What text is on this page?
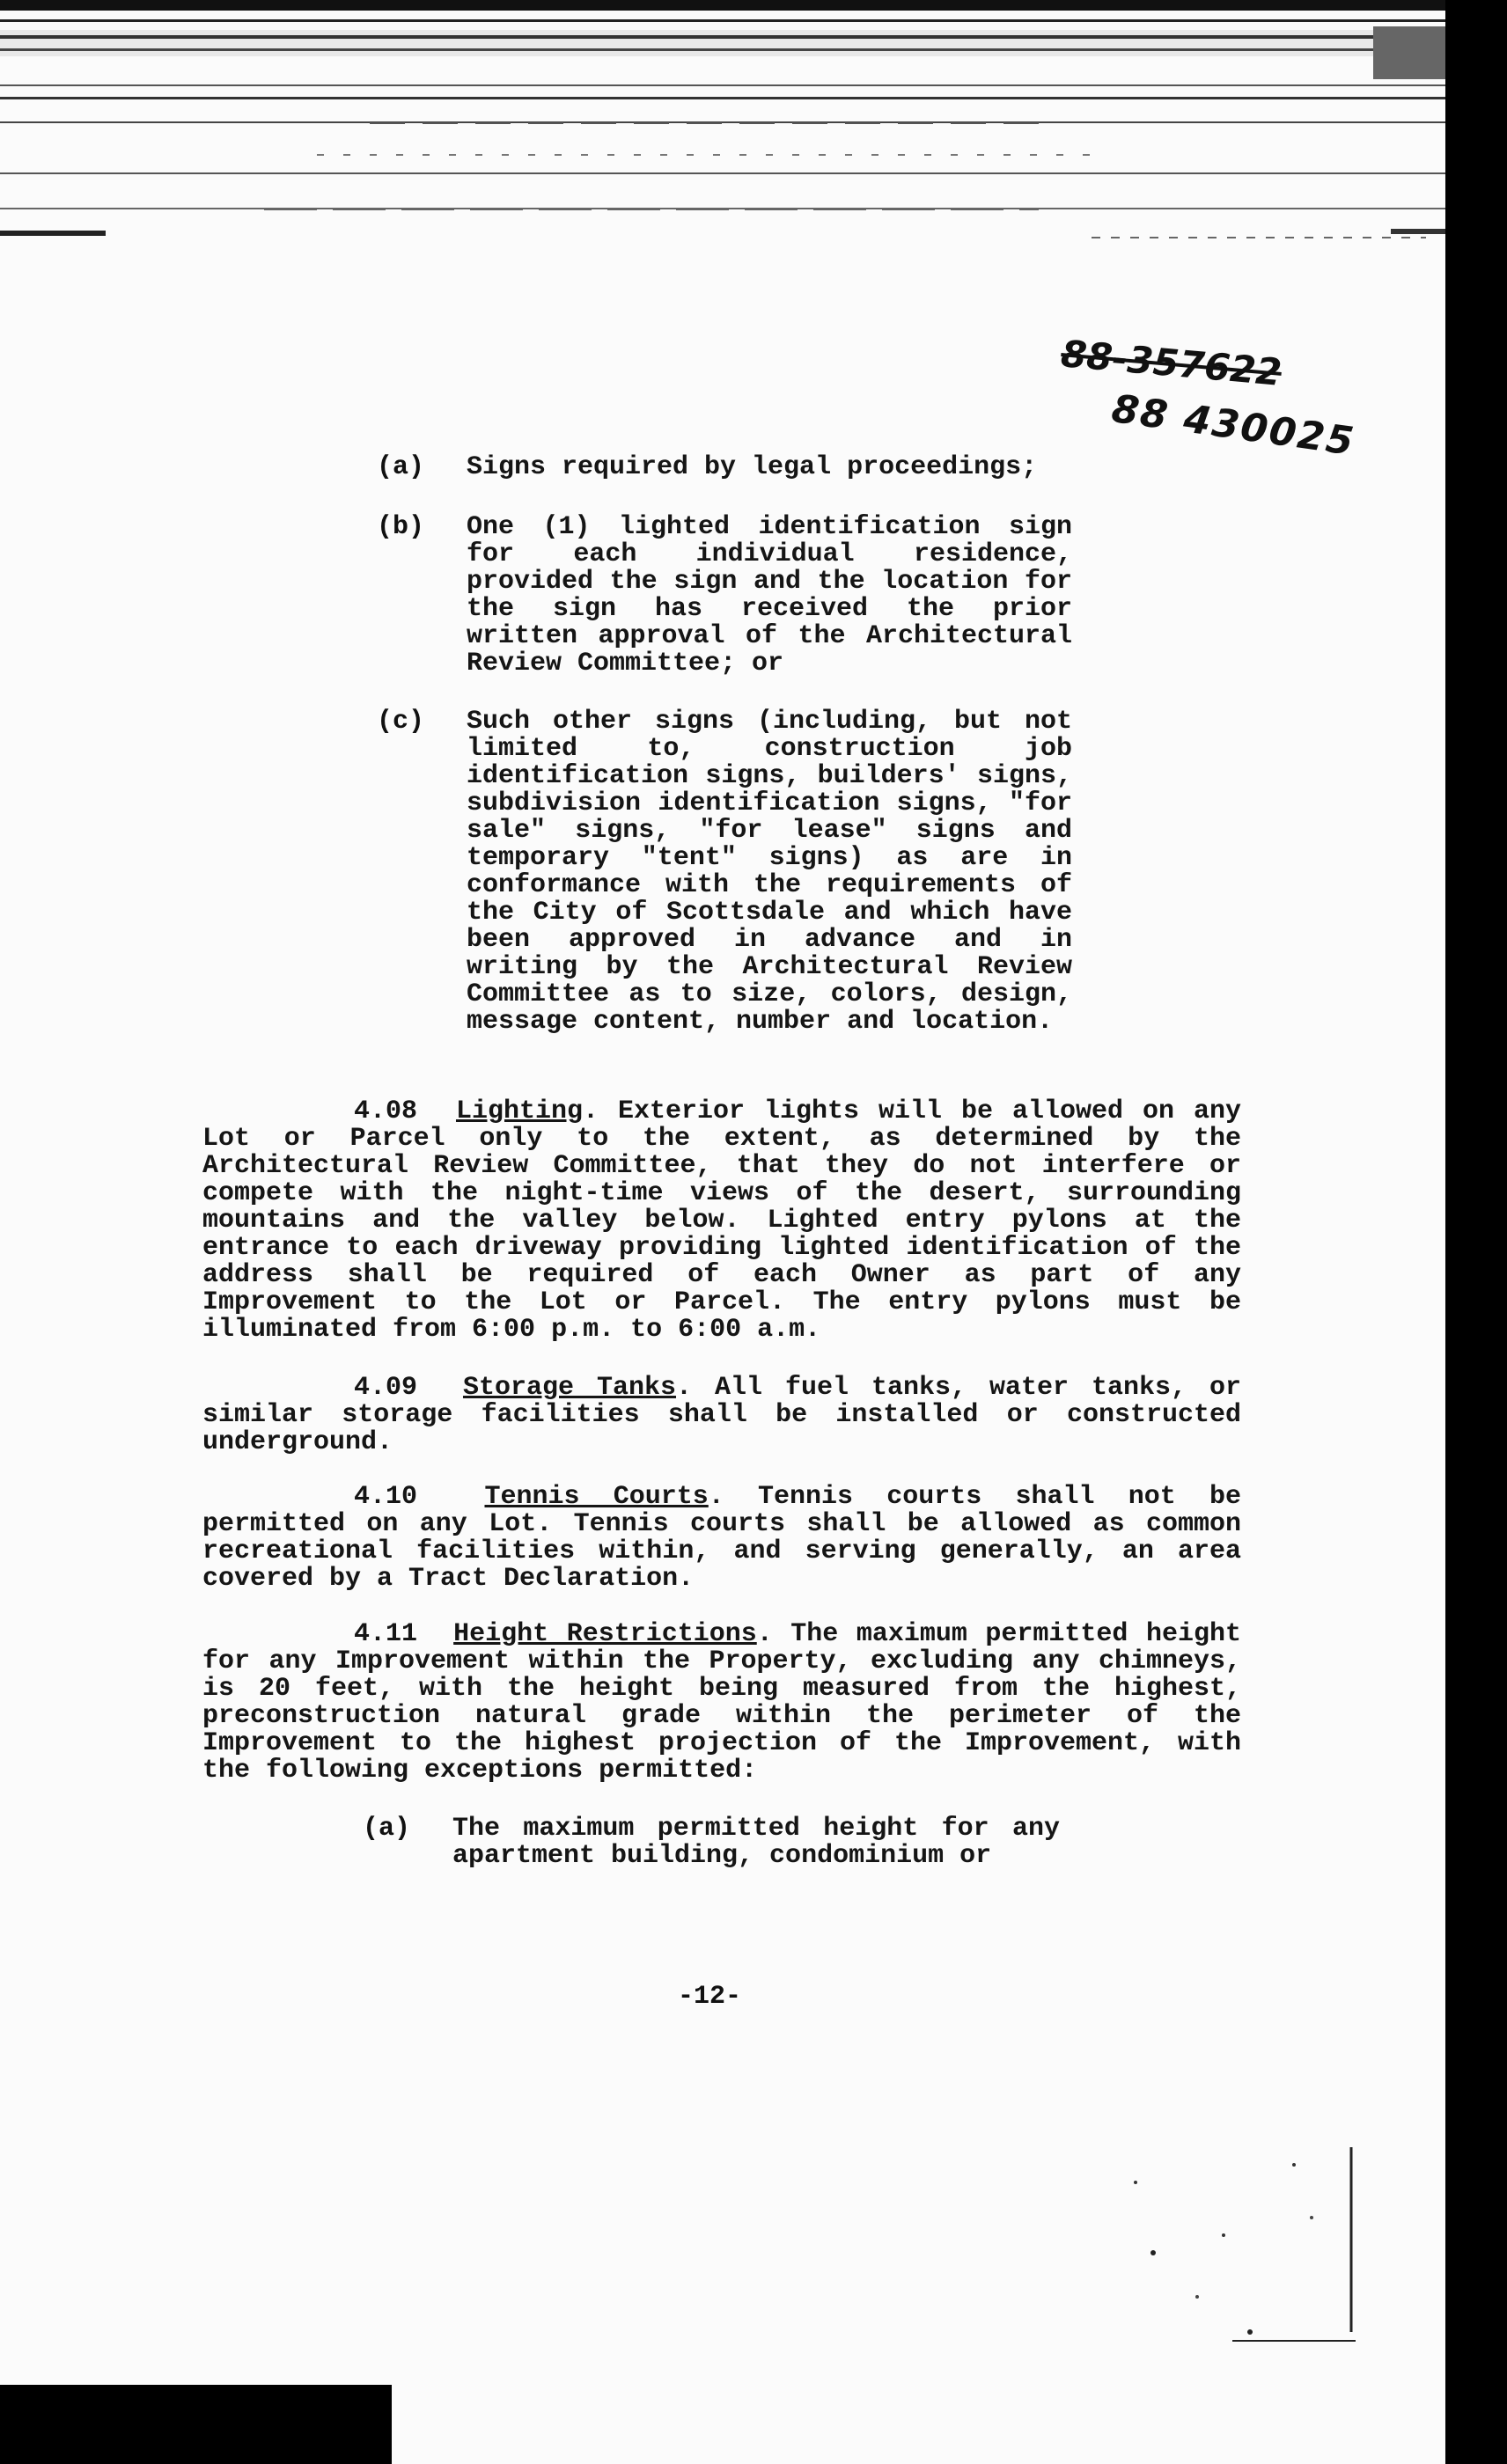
88-357622
88 430025
(a) Signs required by legal proceedings;
(b) One (1) lighted identification sign for each individual residence, provided the sign and the location for the sign has received the prior written approval of the Architectural Review Committee; or
(c) Such other signs (including, but not limited to, construction job identification signs, builders' signs, subdivision identification signs, "for sale" signs, "for lease" signs and temporary "tent" signs) as are in conformance with the requirements of the City of Scottsdale and which have been approved in advance and in writing by the Architectural Review Committee as to size, colors, design, message content, number and location.
4.08 Lighting. Exterior lights will be allowed on any Lot or Parcel only to the extent, as determined by the Architectural Review Committee, that they do not interfere or compete with the night-time views of the desert, surrounding mountains and the valley below. Lighted entry pylons at the entrance to each driveway providing lighted identification of the address shall be required of each Owner as part of any Improvement to the Lot or Parcel. The entry pylons must be illuminated from 6:00 p.m. to 6:00 a.m.
4.09 Storage Tanks. All fuel tanks, water tanks, or similar storage facilities shall be installed or constructed underground.
4.10	Tennis Courts. Tennis courts shall not be permitted on any Lot. Tennis courts shall be allowed as common recreational facilities within, and serving generally, an area covered by a Tract Declaration.
4.11 Height Restrictions. The maximum permitted height for any Improvement within the Property, excluding any chimneys, is 20 feet, with the height being measured from the highest, preconstruction natural grade within the perimeter of the Improvement to the highest projection of the Improvement, with the following exceptions permitted:
(a) The maximum permitted height for any apartment building, condominium or
-12-
